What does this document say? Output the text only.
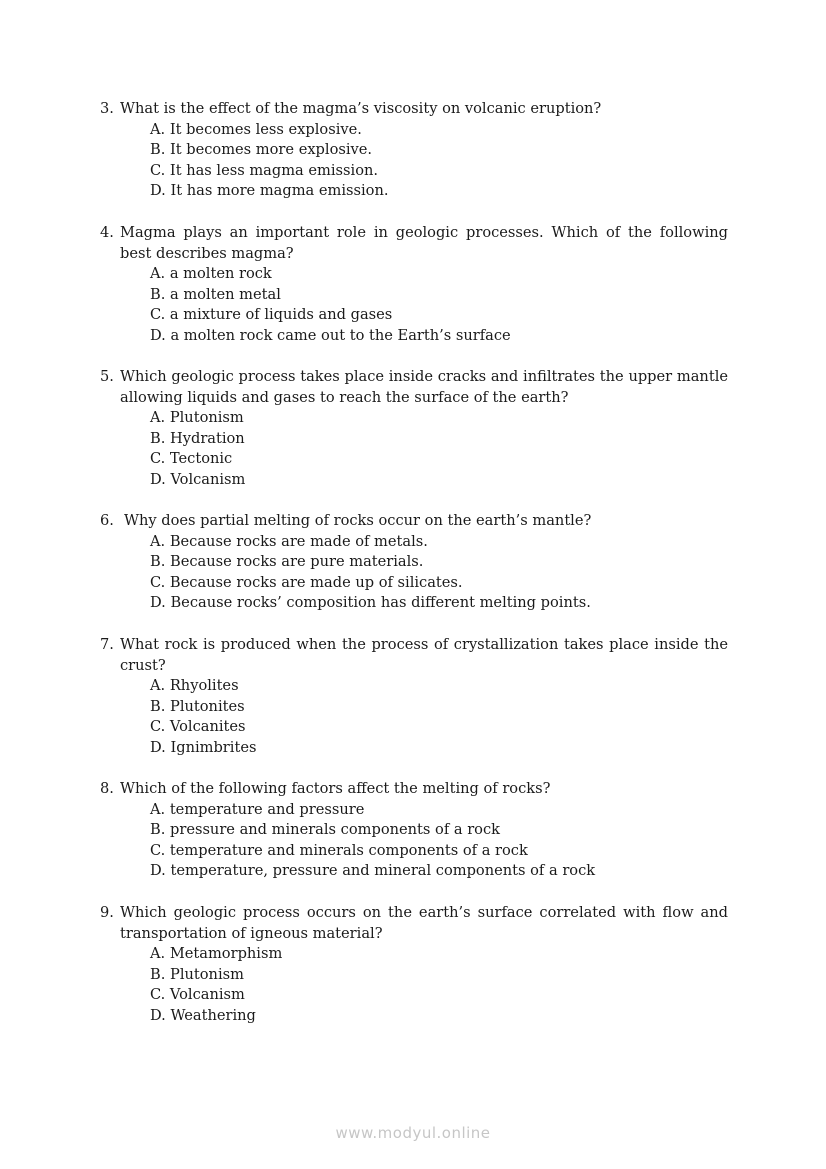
3. What is the effect of the magma’s viscosity on volcanic eruption?
A. It becomes less explosive.
B. It becomes more explosive.
C. It has less magma emission.
D. It has more magma emission.
4. Magma plays an important role in geologic processes. Which of the following best describes magma?
A. a molten rock
B. a molten metal
C. a mixture of liquids and gases
D. a molten rock came out to the Earth’s surface
5. Which geologic process takes place inside cracks and infiltrates the upper mantle allowing liquids and gases to reach the surface of the earth?
A. Plutonism
B. Hydration
C. Tectonic
D. Volcanism
6. Why does partial melting of rocks occur on the earth’s mantle?
A. Because rocks are made of metals.
B. Because rocks are pure materials.
C. Because rocks are made up of silicates.
D. Because rocks’ composition has different melting points.
7. What rock is produced when the process of crystallization takes place inside the crust?
A. Rhyolites
B. Plutonites
C. Volcanites
D. Ignimbrites
8. Which of the following factors affect the melting of rocks?
A. temperature and pressure
B. pressure and minerals components of a rock
C. temperature and minerals components of a rock
D. temperature, pressure and mineral components of a rock
9. Which geologic process occurs on the earth’s surface correlated with flow and transportation of igneous material?
A. Metamorphism
B. Plutonism
C. Volcanism
D. Weathering
www.modyul.online
